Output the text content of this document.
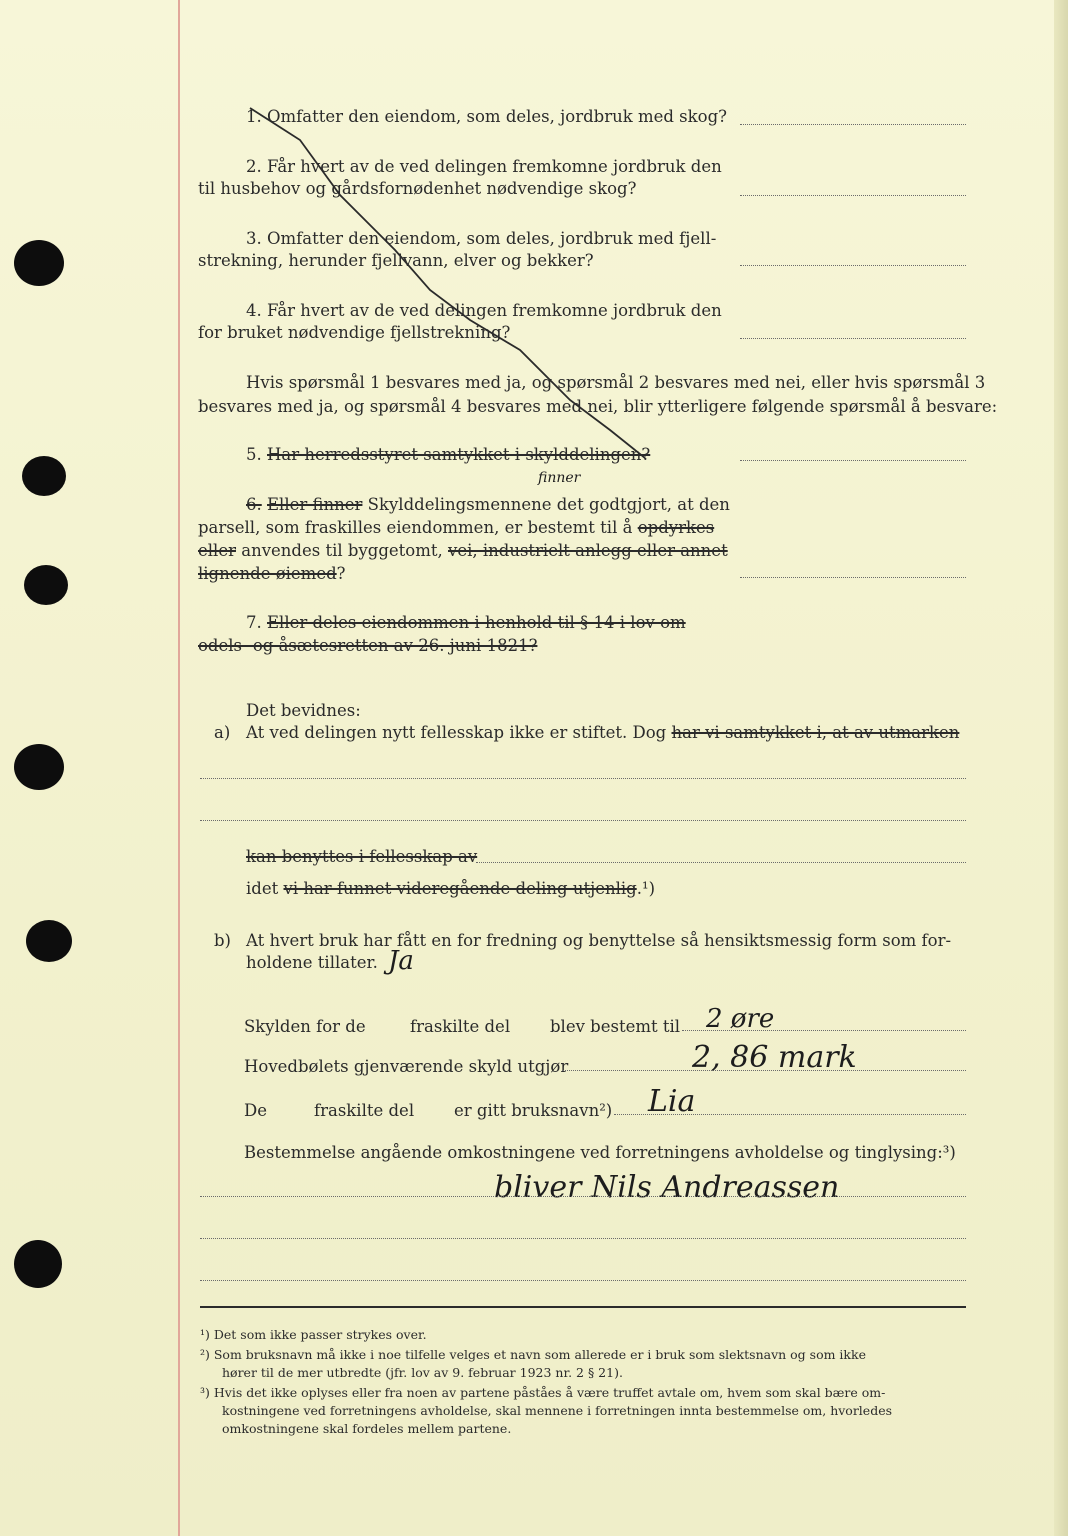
1. Omfatter den eiendom, som deles, jordbruk med skog?
2. Får hvert av de ved delingen fremkomne jordbruk den
til husbehov og gårdsfornødenhet nødvendige skog?
3. Omfatter den eiendom, som deles, jordbruk med fjell-
strekning, herunder fjellvann, elver og bekker?
4. Får hvert av de ved delingen fremkomne jordbruk den
for bruket nødvendige fjellstrekning?
Hvis spørsmål 1 besvares med ja, og spørsmål 2 besvares med nei, eller hvis spørsmål 3
besvares med ja, og spørsmål 4 besvares med nei, blir ytterligere følgende spørsmål å besvare:
5. Har herredsstyret samtykket i skylddelingen?
finner
6. Eller finner Skylddelingsmennene det godtgjort, at den
parsell, som fraskilles eiendommen, er bestemt til å opdyrkes
eller anvendes til byggetomt, vei, industrielt anlegg eller annet
lignende øiemed?
7. Eller deles eiendommen i henhold til § 14 i lov om
odels- og åsætesretten av 26. juni 1821?
Det bevidnes:
a) At ved delingen nytt fellesskap ikke er stiftet. Dog har vi samtykket i, at av utmarken
kan benyttes i fellesskap av
idet vi har funnet videregående deling utjenlig.¹)
b) At hvert bruk har fått en for fredning og benyttelse så hensiktsmessig form som for-
holdene tillater. Ja
Skylden for de	fraskilte del blev bestemt til 2 øre
Hovedbølets gjenværende skyld utgjør	2, 86 mark
De	fraskilte del er gitt bruksnavn²) Lia
Bestemmelse angående omkostningene ved forretningens avholdelse og tinglysing:³)
bliver Nils Andreassen
¹) Det som ikke passer strykes over.
²) Som bruksnavn må ikke i noe tilfelle velges et navn som allerede er i bruk som slektsnavn og som ikke
hører til de mer utbredte (jfr. lov av 9. februar 1923 nr. 2 § 21).
³) Hvis det ikke oplyses eller fra noen av partene påståes å være truffet avtale om, hvem som skal bære om-
kostningene ved forretningens avholdelse, skal mennene i forretningen innta bestemmelse om, hvorledes
omkostningene skal fordeles mellem partene.
